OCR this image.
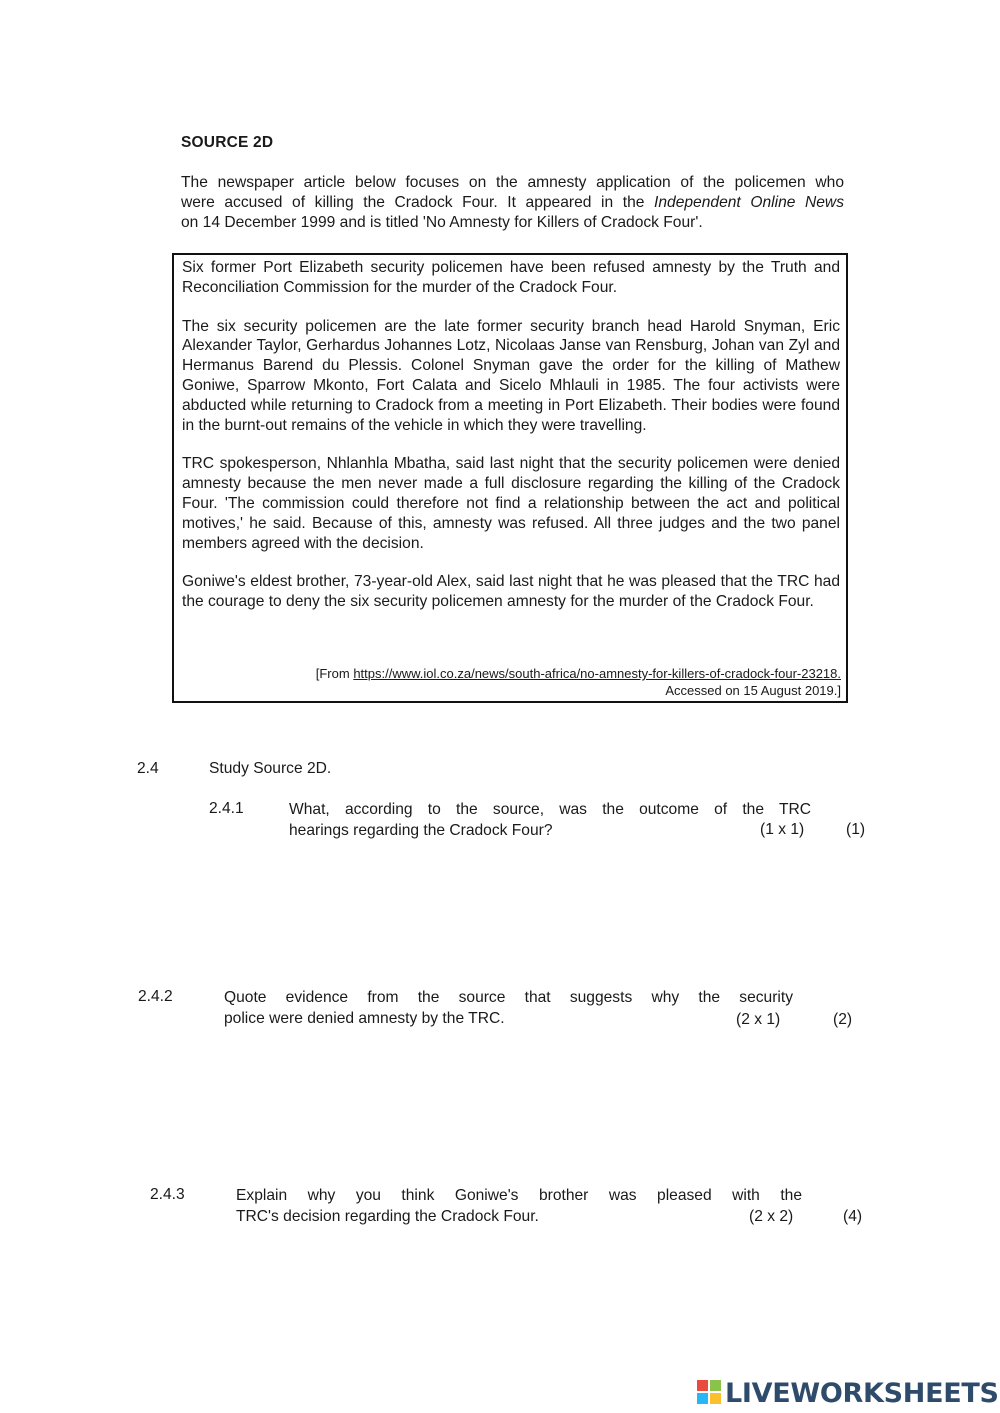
SOURCE 2D
The newspaper article below focuses on the amnesty application of the policemen who
were accused of killing the Cradock Four. It appeared in the Independent Online News
on 14 December 1999 and is titled 'No Amnesty for Killers of Cradock Four'.

Six former Port Elizabeth security policemen have been refused amnesty by the Truth and Reconciliation Commission for the murder of the Cradock Four.

The six security policemen are the late former security branch head Harold Snyman, Eric Alexander Taylor, Gerhardus Johannes Lotz, Nicolaas Janse van Rensburg, Johan van Zyl and Hermanus Barend du Plessis. Colonel Snyman gave the order for the killing of Mathew Goniwe, Sparrow Mkonto, Fort Calata and Sicelo Mhlauli in 1985. The four activists were abducted while returning to Cradock from a meeting in Port Elizabeth. Their bodies were found in the burnt-out remains of the vehicle in which they were travelling.

TRC spokesperson, Nhlanhla Mbatha, said last night that the security policemen were denied amnesty because the men never made a full disclosure regarding the killing of the Cradock Four. 'The commission could therefore not find a relationship between the act and political motives,' he said. Because of this, amnesty was refused. All three judges and the two panel members agreed with the decision.

Goniwe's eldest brother, 73-year-old Alex, said last night that he was pleased that the TRC had the courage to deny the six security policemen amnesty for the murder of the Cradock Four.

[From https://www.iol.co.za/news/south-africa/no-amnesty-for-killers-of-cradock-four-23218.
Accessed on 15 August 2019.]
2.4	Study Source 2D.
2.4.1	What, according to the source, was the outcome of the TRC
hearings regarding the Cradock Four?	(1 x 1)	(1)
2.4.2	Quote evidence from the source that suggests why the security
police were denied amnesty by the TRC.	(2 x 1)	(2)
2.4.3	Explain why you think Goniwe's brother was pleased with the
TRC's decision regarding the Cradock Four.	(2 x 2)	(4)
LIVEWORKSHEETS
